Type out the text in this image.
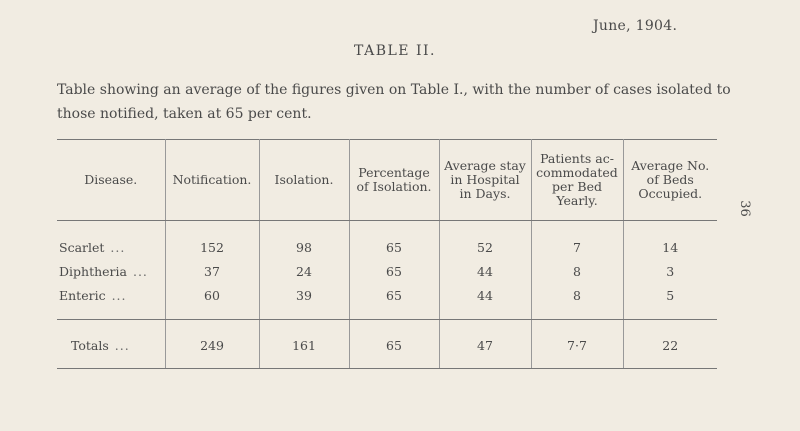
June, 1904.
TABLE II.
Table showing an average of the figures given on Table I., with the number of cases isolated to those notified, taken at 65 per cent.
36
Disease.	Notification.	Isolation.	Percentage of Isolation.	Average stay in Hospital in Days.	Patients ac- commodated per Bed Yearly.	Average No. of Beds Occupied.
Scarlet ...	152	98	65	52	7	14
Diphtheria ...	37	24	65	44	8	3
Enteric ...	60	39	65	44	8	5
Totals ...	249	161	65	47	7·7	22
